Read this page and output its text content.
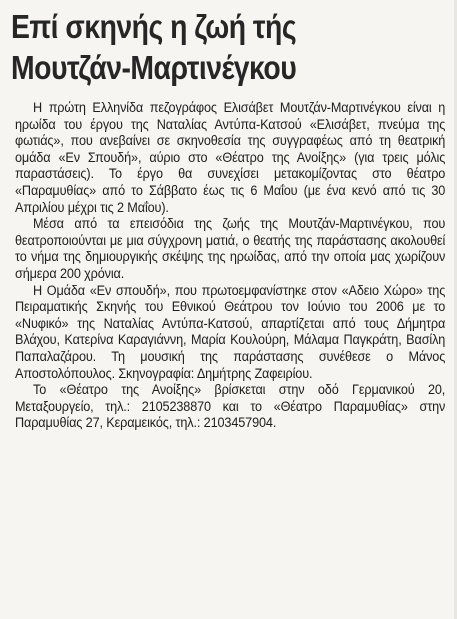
Επί σκηνής η ζωή τής
Μουτζάν-Μαρτινέγκου

Η πρώτη Ελληνίδα πεζογράφος Ελισάβετ Μουτζάν-Μαρτινέγκου είναι η ηρωίδα του έργου της Ναταλίας Αντύπα-Κατσού «Ελισάβετ, πνεύμα της φωτιάς», που ανεβαίνει σε σκηνοθεσία της συγγραφέως από τη θεατρική ομάδα «Εν Σπουδή», αύριο στο «Θέατρο της Ανοίξης» (για τρεις μόλις παραστάσεις). Το έργο θα συνεχίσει μετακομίζοντας στο θέατρο «Παραμυθίας» από το Σάββατο έως τις 6 Μαΐου (με ένα κενό από τις 30 Απριλίου μέχρι τις 2 Μαΐου).

Μέσα από τα επεισόδια της ζωής της Μουτζάν-Μαρτινέγκου, που θεατροποιούνται με μια σύγχρονη ματιά, ο θεατής της παράστασης ακολουθεί το νήμα της δημιουργικής σκέψης της ηρωίδας, από την οποία μας χωρίζουν σήμερα 200 χρόνια.

Η Ομάδα «Εν σπουδή», που πρωτοεμφανίστηκε στον «Αδειο Χώρο» της Πειραματικής Σκηνής του Εθνικού Θεάτρου τον Ιούνιο του 2006 με το «Νυφικό» της Ναταλίας Αντύπα-Κατσού, απαρτίζεται από τους Δήμητρα Βλάχου, Κατερίνα Καραγιάννη, Μαρία Κουλούρη, Μάλαμα Παγκράτη, Βασίλη Παπαλαζάρου. Τη μουσική της παράστασης συνέθεσε ο Μάνος Αποστολόπουλος. Σκηνογραφία: Δημήτρης Ζαφειρίου.

Το «Θέατρο της Ανοίξης» βρίσκεται στην οδό Γερμανικού 20, Μεταξουργείο, τηλ.: 2105238870 και το «Θέατρο Παραμυθίας» στην Παραμυθίας 27, Κεραμεικός, τηλ.: 2103457904.
